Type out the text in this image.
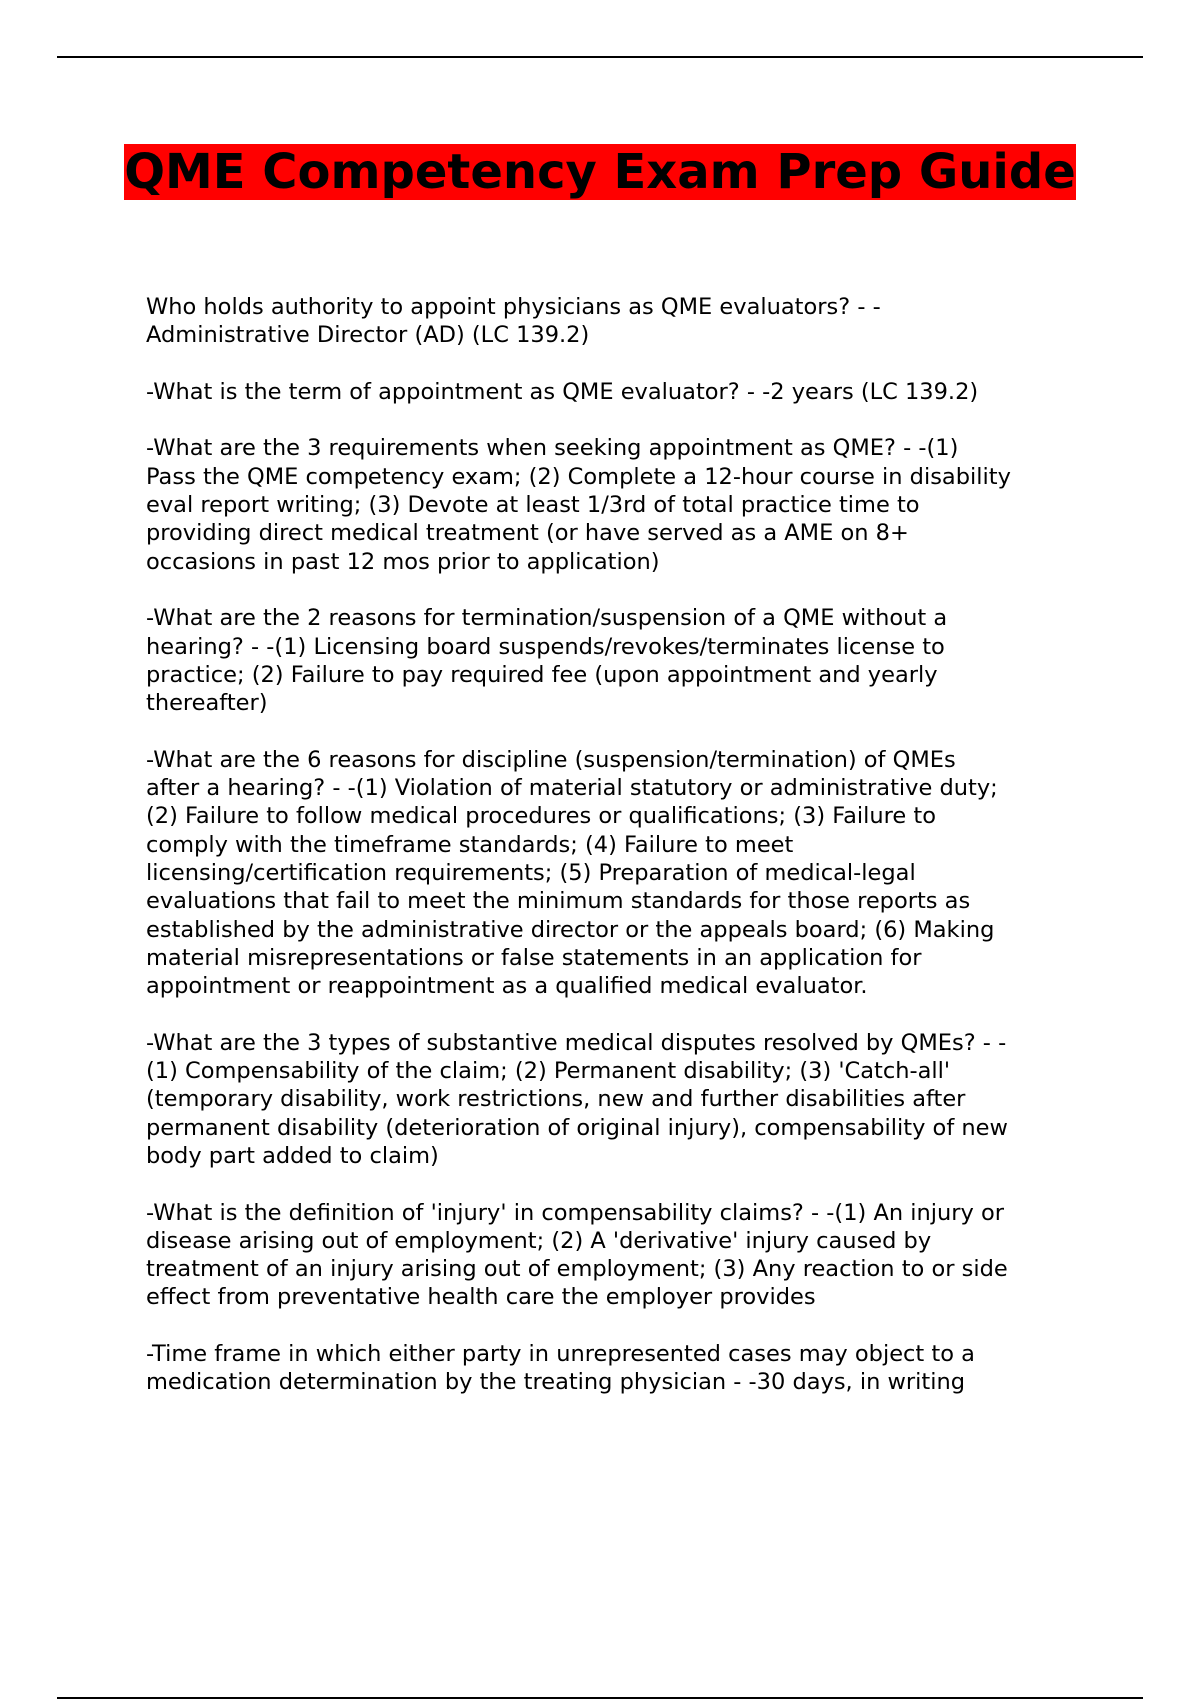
QME Competency Exam Prep Guide

Who holds authority to appoint physicians as QME evaluators? - -
Administrative Director (AD) (LC 139.2)

-What is the term of appointment as QME evaluator? - -2 years (LC 139.2)

-What are the 3 requirements when seeking appointment as QME? - -(1)
Pass the QME competency exam; (2) Complete a 12-hour course in disability
eval report writing; (3) Devote at least 1/3rd of total practice time to
providing direct medical treatment (or have served as a AME on 8+
occasions in past 12 mos prior to application)

-What are the 2 reasons for termination/suspension of a QME without a
hearing? - -(1) Licensing board suspends/revokes/terminates license to
practice; (2) Failure to pay required fee (upon appointment and yearly
thereafter)

-What are the 6 reasons for discipline (suspension/termination) of QMEs
after a hearing? - -(1) Violation of material statutory or administrative duty;
(2) Failure to follow medical procedures or qualifications; (3) Failure to
comply with the timeframe standards; (4) Failure to meet
licensing/certification requirements; (5) Preparation of medical-legal
evaluations that fail to meet the minimum standards for those reports as
established by the administrative director or the appeals board; (6) Making
material misrepresentations or false statements in an application for
appointment or reappointment as a qualified medical evaluator.

-What are the 3 types of substantive medical disputes resolved by QMEs? - -
(1) Compensability of the claim; (2) Permanent disability; (3) 'Catch-all'
(temporary disability, work restrictions, new and further disabilities after
permanent disability (deterioration of original injury), compensability of new
body part added to claim)

-What is the definition of 'injury' in compensability claims? - -(1) An injury or
disease arising out of employment; (2) A 'derivative' injury caused by
treatment of an injury arising out of employment; (3) Any reaction to or side
effect from preventative health care the employer provides

-Time frame in which either party in unrepresented cases may object to a
medication determination by the treating physician - -30 days, in writing
